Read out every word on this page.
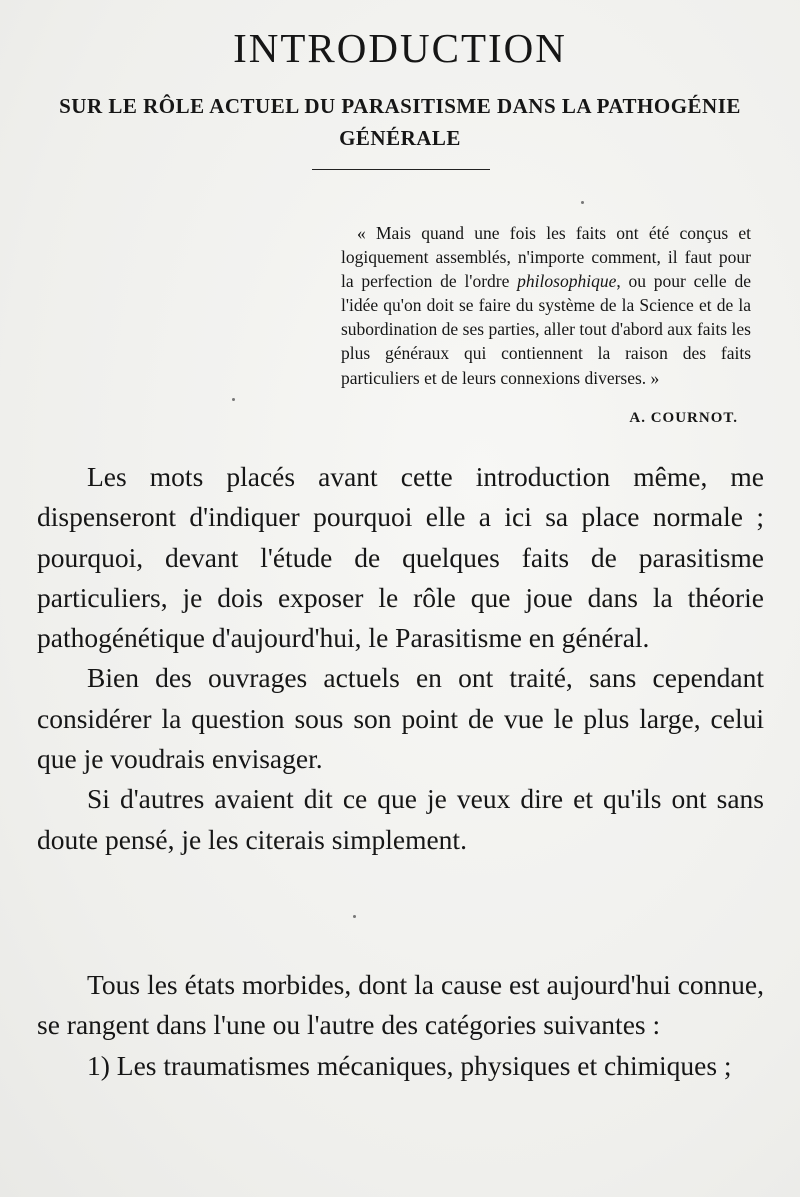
INTRODUCTION
SUR LE RÔLE ACTUEL DU PARASITISME DANS LA PATHOGÉNIE GÉNÉRALE

« Mais quand une fois les faits ont été conçus et logiquement assemblés, n'importe comment, il faut pour la perfection de l'ordre philosophique, ou pour celle de l'idée qu'on doit se faire du système de la Science et de la subordination de ses parties, aller tout d'abord aux faits les plus généraux qui contiennent la raison des faits particuliers et de leurs connexions diverses. »

A. COURNOT.

Les mots placés avant cette introduction même, me dispenseront d'indiquer pourquoi elle a ici sa place normale ; pourquoi, devant l'étude de quelques faits de parasitisme particuliers, je dois exposer le rôle que joue dans la théorie pathogénétique d'aujourd'hui, le Parasitisme en général.

Bien des ouvrages actuels en ont traité, sans cependant considérer la question sous son point de vue le plus large, celui que je voudrais envisager.

Si d'autres avaient dit ce que je veux dire et qu'ils ont sans doute pensé, je les citerais simplement.

Tous les états morbides, dont la cause est aujourd'hui connue, se rangent dans l'une ou l'autre des catégories suivantes :

1) Les traumatismes mécaniques, physiques et chimiques ;
